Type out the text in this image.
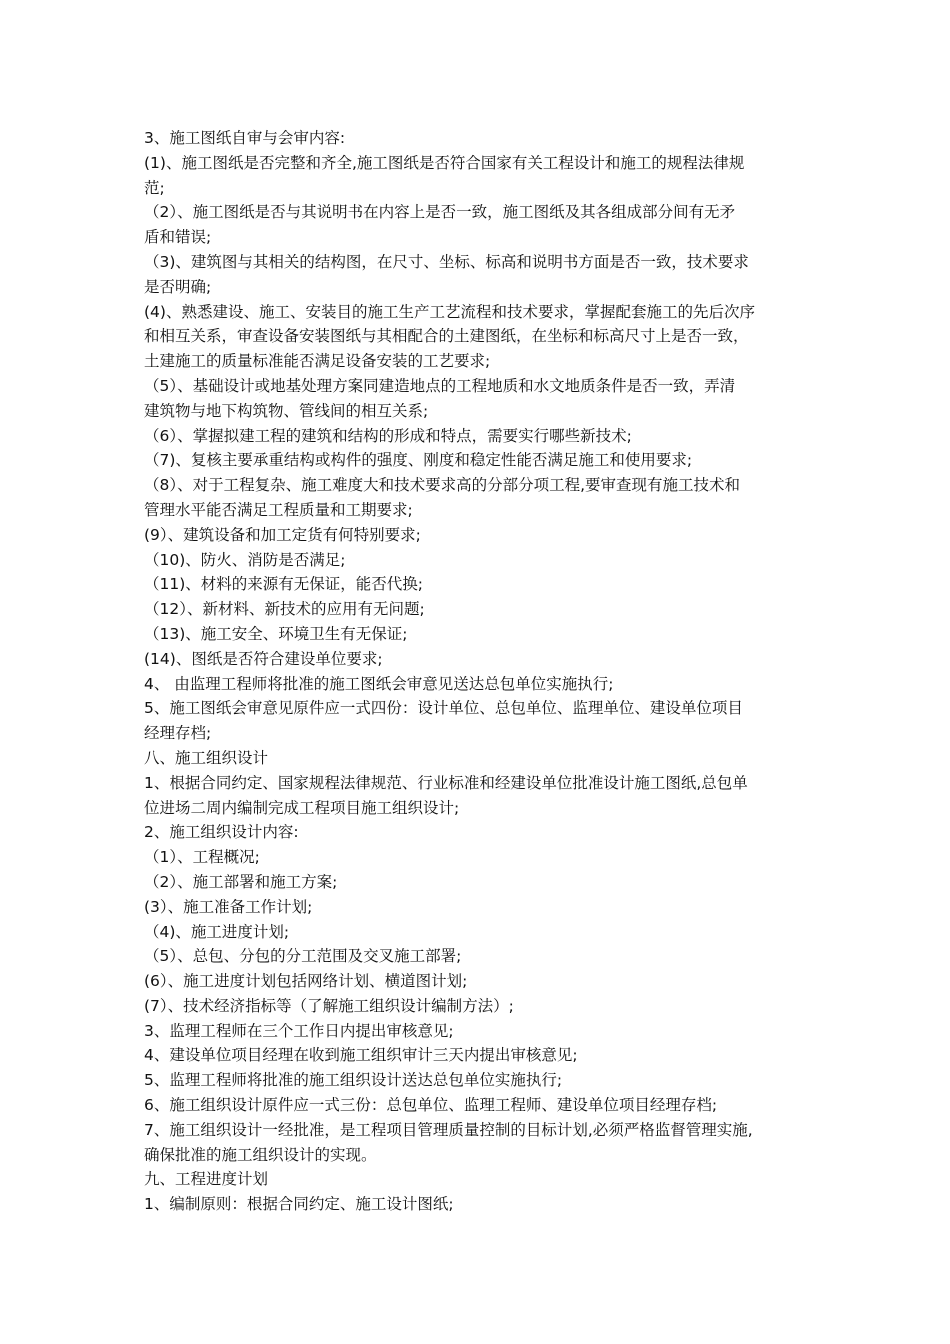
3、施工图纸自审与会审内容:
(1)、施工图纸是否完整和齐全,施工图纸是否符合国家有关工程设计和施工的规程法律规
范;
（2）、施工图纸是否与其说明书在内容上是否一致，施工图纸及其各组成部分间有无矛
盾和错误;
（3)、建筑图与其相关的结构图，在尺寸、坐标、标高和说明书方面是否一致，技术要求
是否明确;
(4)、熟悉建设、施工、安装目的施工生产工艺流程和技术要求，掌握配套施工的先后次序
和相互关系，审查设备安装图纸与其相配合的土建图纸，在坐标和标高尺寸上是否一致，
土建施工的质量标准能否满足设备安装的工艺要求;
（5）、基础设计或地基处理方案同建造地点的工程地质和水文地质条件是否一致，弄清
建筑物与地下构筑物、管线间的相互关系;
（6）、掌握拟建工程的建筑和结构的形成和特点，需要实行哪些新技术;
（7)、复核主要承重结构或构件的强度、刚度和稳定性能否满足施工和使用要求;
（8）、对于工程复杂、施工难度大和技术要求高的分部分项工程,要审查现有施工技术和
管理水平能否满足工程质量和工期要求;
(9）、建筑设备和加工定货有何特别要求;
（10)、防火、消防是否满足;
（11)、材料的来源有无保证，能否代换;
（12）、新材料、新技术的应用有无问题;
（13)、施工安全、环境卫生有无保证;
(14)、图纸是否符合建设单位要求;
4、 由监理工程师将批准的施工图纸会审意见送达总包单位实施执行;
5、施工图纸会审意见原件应一式四份：设计单位、总包单位、监理单位、建设单位项目
经理存档;
八、施工组织设计
1、根据合同约定、国家规程法律规范、行业标准和经建设单位批准设计施工图纸,总包单
位进场二周内编制完成工程项目施工组织设计;
2、施工组织设计内容:
（1）、工程概况;
（2）、施工部署和施工方案;
(3）、施工准备工作计划;
（4)、施工进度计划;
（5）、总包、分包的分工范围及交叉施工部署;
(6）、施工进度计划包括网络计划、横道图计划;
(7）、技术经济指标等（了解施工组织设计编制方法）;
3、监理工程师在三个工作日内提出审核意见;
4、建设单位项目经理在收到施工组织审计三天内提出审核意见;
5、监理工程师将批准的施工组织设计送达总包单位实施执行;
6、施工组织设计原件应一式三份：总包单位、监理工程师、建设单位项目经理存档;
7、施工组织设计一经批准，是工程项目管理质量控制的目标计划,必须严格监督管理实施,
确保批准的施工组织设计的实现。
九、工程进度计划
1、编制原则：根据合同约定、施工设计图纸;
